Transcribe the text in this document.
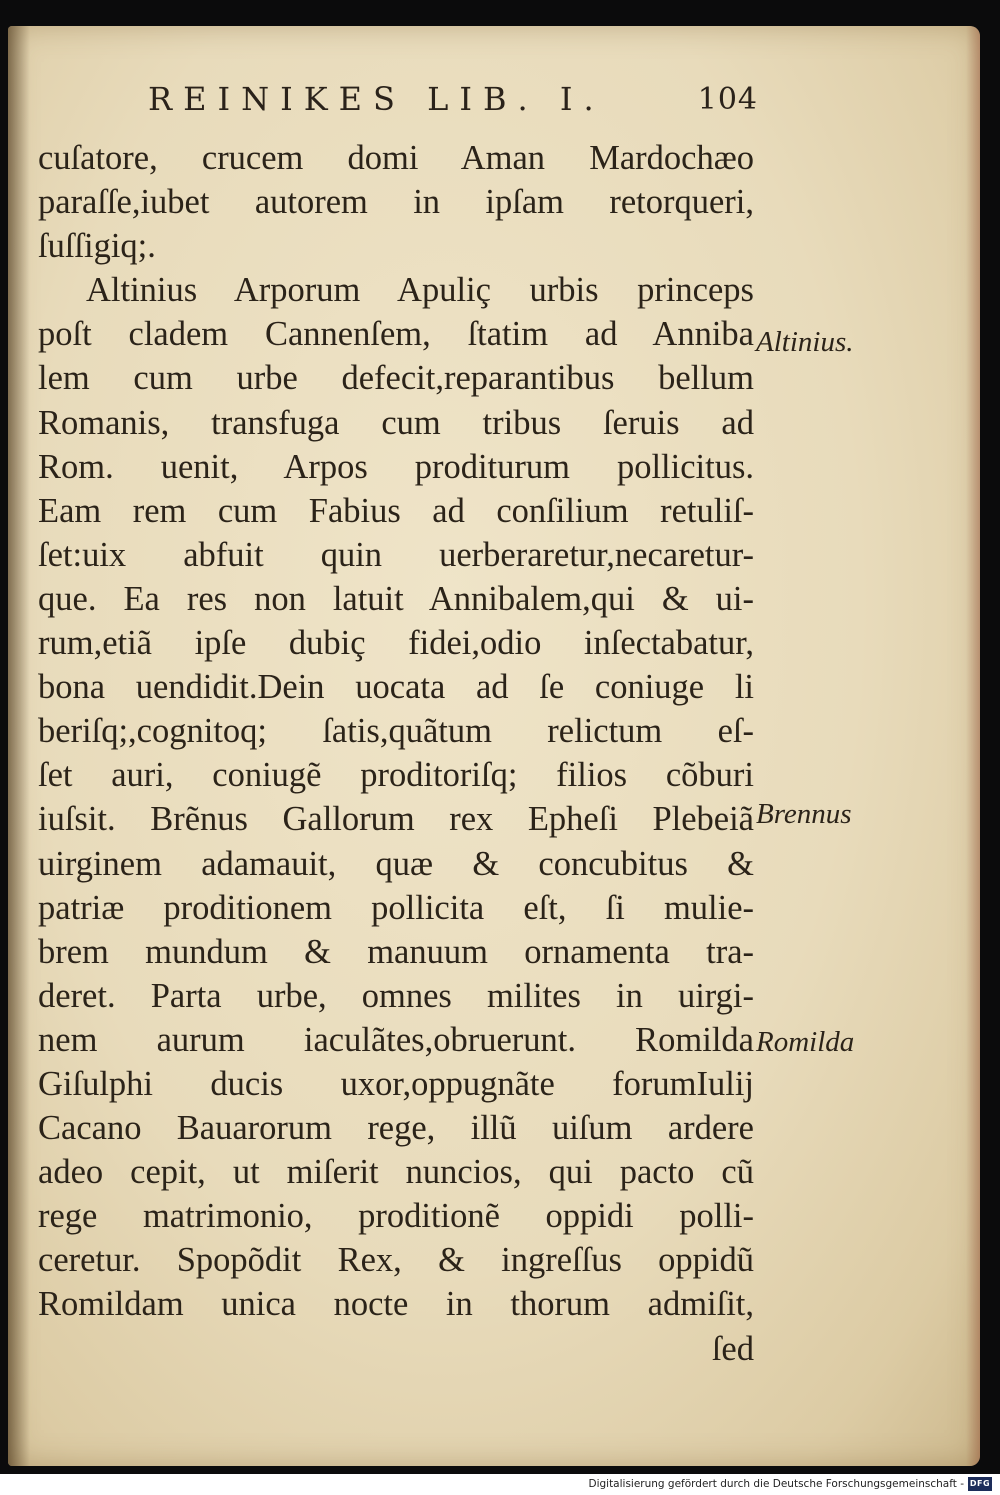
REINIKES LIB. I.	104
cuſatore, crucem domi Aman Mardochæo
paraſſe,iubet autorem in ipſam retorqueri,
ſuſſigiq;.
Altinius Arporum Apuliç urbis princeps
poſt cladem Cannenſem, ſtatim ad Anniba
lem cum urbe defecit,reparantibus bellum
Romanis, transfuga cum tribus ſeruis ad
Rom. uenit, Arpos proditurum pollicitus.
Eam rem cum Fabius ad conſilium retuliſ-
ſet:uix abfuit quin uerberaretur,necaretur-
que. Ea res non latuit Annibalem,qui & ui-
rum,etiã ipſe dubiç fidei,odio inſectabatur,
bona uendidit.Dein uocata ad ſe coniuge li
beriſq;,cognitoq; ſatis,quãtum relictum eſ-
ſet auri, coniugẽ proditoriſq; filios cõburi
iuſsit. Brẽnus Gallorum rex Epheſi Plebeiã
uirginem adamauit, quæ & concubitus &
patriæ proditionem pollicita eſt, ſi mulie-
brem mundum & manuum ornamenta tra-
deret. Parta urbe, omnes milites in uirgi-
nem aurum iaculãtes,obruerunt. Romilda
Giſulphi ducis uxor,oppugnãte forumIulij
Cacano Bauarorum rege, illũ uiſum ardere
adeo cepit, ut miſerit nuncios, qui pacto cũ
rege matrimonio, proditionẽ oppidi polli-
ceretur. Spopõdit Rex, & ingreſſus oppidũ
Romildam unica nocte in thorum admiſit,
ſed
Altinius.
Brennus
Romilda
Digitalisierung gefördert durch die Deutsche Forschungsgemeinschaft - DFG
